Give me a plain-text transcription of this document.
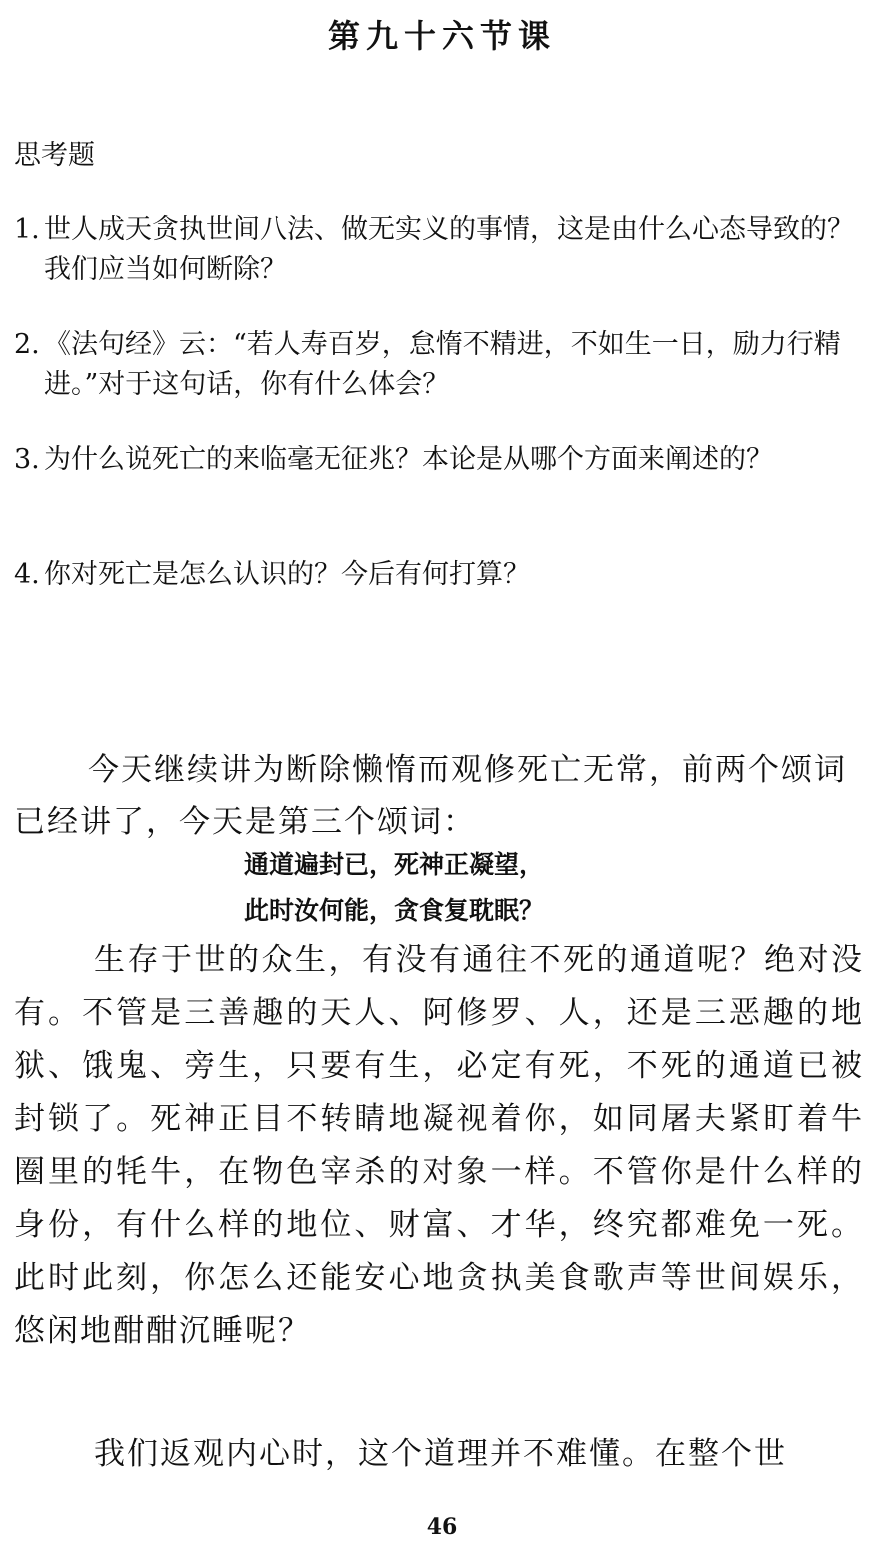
第九十六节课
思考题
1. 世人成天贪执世间八法、做无实义的事情，这是由什么心态导致的？我们应当如何断除？
2. 《法句经》云：“若人寿百岁，怠惰不精进，不如生一日，励力行精进。”对于这句话，你有什么体会？
3. 为什么说死亡的来临毫无征兆？本论是从哪个方面来阐述的？
4. 你对死亡是怎么认识的？今后有何打算？
今天继续讲为断除懒惰而观修死亡无常，前两个颂词已经讲了，今天是第三个颂词：
通道遍封已，死神正凝望，
此时汝何能，贪食复耽眠？
生存于世的众生，有没有通往不死的通道呢？绝对没有。不管是三善趣的天人、阿修罗、人，还是三恶趣的地狱、饿鬼、旁生，只要有生，必定有死，不死的通道已被封锁了。死神正目不转睛地凝视着你，如同屠夫紧盯着牛圈里的牦牛，在物色宰杀的对象一样。不管你是什么样的身份，有什么样的地位、财富、才华，终究都难免一死。此时此刻，你怎么还能安心地贪执美食歌声等世间娱乐，悠闲地酣酣沉睡呢？
我们返观内心时，这个道理并不难懂。在整个世
46
